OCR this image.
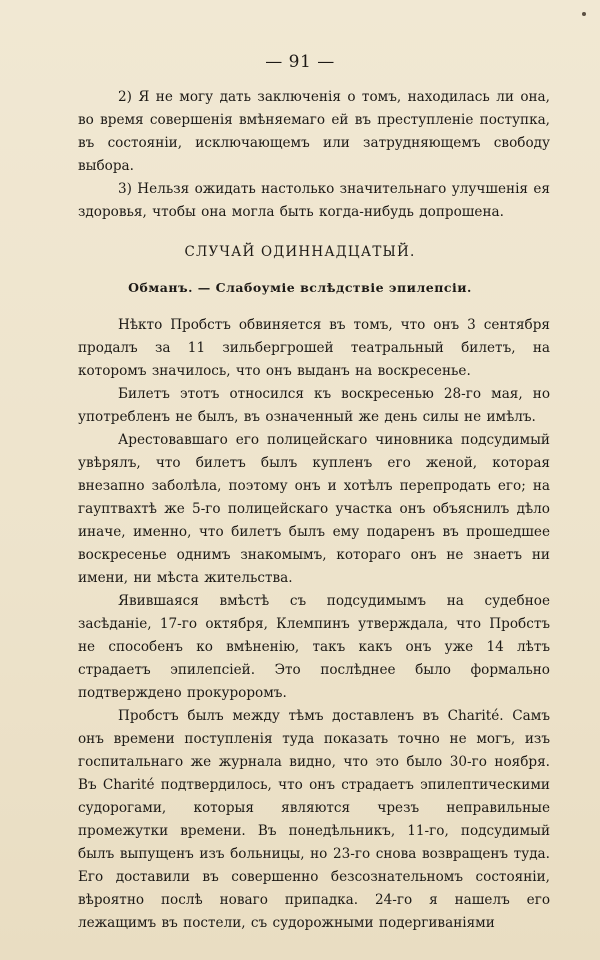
— 91 —

2) Я не могу дать заключенія о томъ, находилась ли она, во время совершенія вмѣняемаго ей въ преступленіе поступка, въ состояніи, исключающемъ или затрудняющемъ свободу выбора.

3) Нельзя ожидать настолько значительнаго улучшенія ея здоровья, чтобы она могла быть когда-нибудь допрошена.

СЛУЧАЙ ОДИННАДЦАТЫЙ.
Обманъ. — Слабоуміе вслѣдствіе эпилепсіи.

Нѣкто Пробстъ обвиняется въ томъ, что онъ 3 сентября продалъ за 11 зильбергрошей театральный билетъ, на которомъ значилось, что онъ выданъ на воскресенье.

Билетъ этотъ относился къ воскресенью 28-го мая, но употребленъ не былъ, въ означенный же день силы не имѣлъ.

Арестовавшаго его полицейскаго чиновника подсудимый увѣрялъ, что билетъ былъ купленъ его женой, которая внезапно заболѣла, поэтому онъ и хотѣлъ перепродать его; на гауптвахтѣ же 5-го полицейскаго участка онъ объяснилъ дѣло иначе, именно, что билетъ былъ ему подаренъ въ прошедшее воскресенье однимъ знакомымъ, котораго онъ не знаетъ ни имени, ни мѣста жительства.

Явившаяся вмѣстѣ съ подсудимымъ на судебное засѣданіе, 17-го октября, Клемпинъ утверждала, что Пробстъ не способенъ ко вмѣненію, такъ какъ онъ уже 14 лѣтъ страдаетъ эпилепсіей. Это послѣднее было формально подтверждено прокуроромъ.

Пробстъ былъ между тѣмъ доставленъ въ Charité. Самъ онъ времени поступленія туда показать точно не могъ, изъ госпитальнаго же журнала видно, что это было 30-го ноября. Въ Charité подтвердилось, что онъ страдаетъ эпилептическими судорогами, которыя являются чрезъ неправильные промежутки времени. Въ понедѣльникъ, 11-го, подсудимый былъ выпущенъ изъ больницы, но 23-го снова возвращенъ туда. Его доставили въ совершенно безсознательномъ состояніи, вѣроятно послѣ новаго припадка. 24-го я нашелъ его лежащимъ въ постели, съ судорожными подергиваніями
